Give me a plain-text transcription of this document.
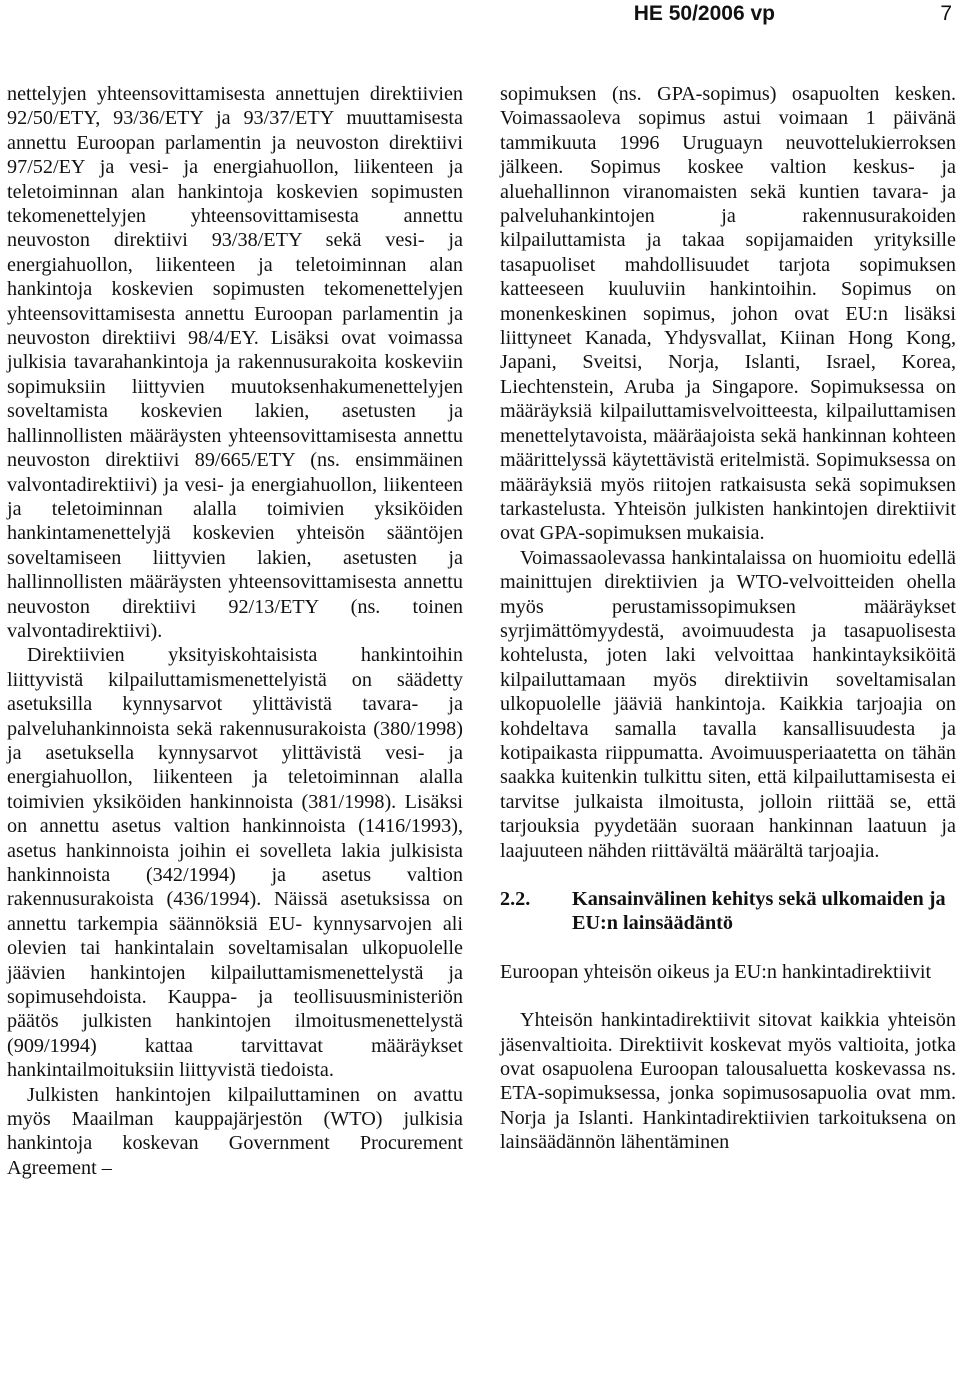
HE 50/2006 vp	7

nettelyjen yhteensovittamisesta annettujen direktiivien 92/50/ETY, 93/36/ETY ja 93/37/ETY muuttamisesta annettu Euroopan parlamentin ja neuvoston direktiivi 97/52/EY ja vesi- ja energiahuollon, liikenteen ja teletoiminnan alan hankintoja koskevien sopimusten tekomenettelyjen yhteensovittamisesta annettu neuvoston direktiivi 93/38/ETY sekä vesi- ja energiahuollon, liikenteen ja teletoiminnan alan hankintoja koskevien sopimusten tekomenettelyjen yhteensovittamisesta annettu Euroopan parlamentin ja neuvoston direktiivi 98/4/EY. Lisäksi ovat voimassa julkisia tavarahankintoja ja rakennusurakoita koskeviin sopimuksiin liittyvien muutoksenhakumenettelyjen soveltamista koskevien lakien, asetusten ja hallinnollisten määräysten yhteensovittamisesta annettu neuvoston direktiivi 89/665/ETY (ns. ensimmäinen valvontadirektiivi) ja vesi- ja energiahuollon, liikenteen ja teletoiminnan alalla toimivien yksiköiden hankintamenettelyjä koskevien yhteisön sääntöjen soveltamiseen liittyvien lakien, asetusten ja hallinnollisten määräysten yhteensovittamisesta annettu neuvoston direktiivi 92/13/ETY (ns. toinen valvontadirektiivi).

Direktiivien yksityiskohtaisista hankintoihin liittyvistä kilpailuttamismenettelyistä on säädetty asetuksilla kynnysarvot ylittävistä tavara- ja palveluhankinnoista sekä rakennusurakoista (380/1998) ja asetuksella kynnysarvot ylittävistä vesi- ja energiahuollon, liikenteen ja teletoiminnan alalla toimivien yksiköiden hankinnoista (381/1998). Lisäksi on annettu asetus valtion hankinnoista (1416/1993), asetus hankinnoista joihin ei sovelleta lakia julkisista hankinnoista (342/1994) ja asetus valtion rakennusurakoista (436/1994). Näissä asetuksissa on annettu tarkempia säännöksiä EU- kynnysarvojen ali olevien tai hankintalain soveltamisalan ulkopuolelle jäävien hankintojen kilpailuttamismenettelystä ja sopimusehdoista. Kauppa- ja teollisuusministeriön päätös julkisten hankintojen ilmoitusmenettelystä (909/1994) kattaa tarvittavat määräykset hankintailmoituksiin liittyvistä tiedoista.

Julkisten hankintojen kilpailuttaminen on avattu myös Maailman kauppajärjestön (WTO) julkisia hankintoja koskevan Government Procurement Agreement –

sopimuksen (ns. GPA-sopimus) osapuolten kesken. Voimassaoleva sopimus astui voimaan 1 päivänä tammikuuta 1996 Uruguayn neuvottelukierroksen jälkeen. Sopimus koskee valtion keskus- ja aluehallinnon viranomaisten sekä kuntien tavara- ja palveluhankintojen ja rakennusurakoiden kilpailuttamista ja takaa sopijamaiden yrityksille tasapuoliset mahdollisuudet tarjota sopimuksen katteeseen kuuluviin hankintoihin. Sopimus on monenkeskinen sopimus, johon ovat EU:n lisäksi liittyneet Kanada, Yhdysvallat, Kiinan Hong Kong, Japani, Sveitsi, Norja, Islanti, Israel, Korea, Liechtenstein, Aruba ja Singapore. Sopimuksessa on määräyksiä kilpailuttamisvelvoitteesta, kilpailuttamisen menettelytavoista, määräajoista sekä hankinnan kohteen määrittelyssä käytettävistä eritelmistä. Sopimuksessa on määräyksiä myös riitojen ratkaisusta sekä sopimuksen tarkastelusta. Yhteisön julkisten hankintojen direktiivit ovat GPA-sopimuksen mukaisia.

Voimassaolevassa hankintalaissa on huomioitu edellä mainittujen direktiivien ja WTO-velvoitteiden ohella myös perustamissopimuksen määräykset syrjimättömyydestä, avoimuudesta ja tasapuolisesta kohtelusta, joten laki velvoittaa hankintayksiköitä kilpailuttamaan myös direktiivin soveltamisalan ulkopuolelle jääviä hankintoja. Kaikkia tarjoajia on kohdeltava samalla tavalla kansallisuudesta ja kotipaikasta riippumatta. Avoimuusperiaatetta on tähän saakka kuitenkin tulkittu siten, että kilpailuttamisesta ei tarvitse julkaista ilmoitusta, jolloin riittää se, että tarjouksia pyydetään suoraan hankinnan laatuun ja laajuuteen nähden riittävältä määrältä tarjoajia.

2.2.	Kansainvälinen kehitys sekä ulkomaiden ja EU:n lainsäädäntö

Euroopan yhteisön oikeus ja EU:n hankintadirektiivit

Yhteisön hankintadirektiivit sitovat kaikkia yhteisön jäsenvaltioita. Direktiivit koskevat myös valtioita, jotka ovat osapuolena Euroopan talousaluetta koskevassa ns. ETA-sopimuksessa, jonka sopimusosapuolia ovat mm. Norja ja Islanti. Hankintadirektiivien tarkoituksena on lainsäädännön lähentäminen
